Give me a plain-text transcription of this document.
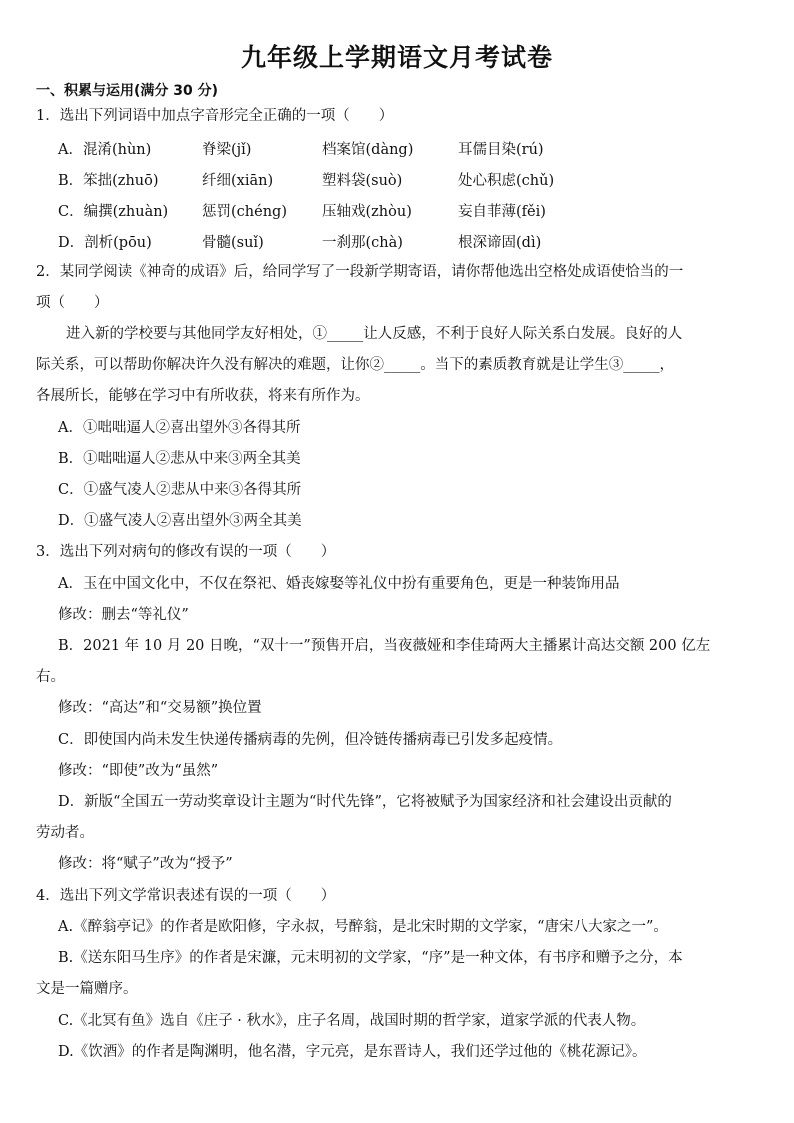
九年级上学期语文月考试卷
一、积累与运用(满分 30 分)
1．选出下列词语中加点字音形完全正确的一项（　　）
A．混淆(hùn)	脊梁(jǐ)	档案馆(dàng)	耳儒目染(rú)
B．笨拙(zhuō)	纤细(xiān)	塑料袋(suò)	处心积虑(chǔ)
C．编撰(zhuàn) 惩罚(chéng) 压轴戏(zhòu)	妄自菲薄(fěi)
D．剖析(pōu)	骨髓(suǐ)	一刹那(chà)	根深谛固(dì)
2．某同学阅读《神奇的成语》后，给同学写了一段新学期寄语，请你帮他选出空格处成语使恰当的一
项（　　）
进入新的学校要与其他同学友好相处，①_____让人反感，不利于良好人际关系白发展。良好的人
际关系，可以帮助你解决许久没有解决的难题，让你②_____。当下的素质教育就是让学生③_____，
各展所长，能够在学习中有所收获，将来有所作为。
A．①咄咄逼人②喜出望外③各得其所
B．①咄咄逼人②悲从中来③两全其美
C．①盛气凌人②悲从中来③各得其所
D．①盛气凌人②喜出望外③两全其美
3．选出下列对病句的修改有误的一项（　　）
A．玉在中国文化中，不仅在祭祀、婚丧嫁娶等礼仪中扮有重要角色，更是一种装饰用品
修改：删去“等礼仪”
B．2021 年 10 月 20 日晚，“双十一”预售开启，当夜薇娅和李佳琦两大主播累计高达交额 200 亿左
右。
修改：“高达”和“交易额”换位置
C．即使国内尚未发生快递传播病毒的先例，但冷链传播病毒已引发多起疫情。
修改：“即使”改为“虽然”
D．新版“全国五一劳动奖章设计主题为“时代先锋”，它将被赋予为国家经济和社会建设出贡献的
劳动者。
修改：将“赋子”改为“授予”
4．选出下列文学常识表述有误的一项（　　）
A.《醉翁亭记》的作者是欧阳修，字永叔，号醉翁，是北宋时期的文学家，“唐宋八大家之一”。
B.《送东阳马生序》的作者是宋濂，元末明初的文学家，“序”是一种文体，有书序和赠予之分，本
文是一篇赠序。
C.《北冥有鱼》选自《庄子 · 秋水》，庄子名周，战国时期的哲学家，道家学派的代表人物。
D.《饮酒》的作者是陶渊明，他名潜，字元亮，是东晋诗人，我们还学过他的《桃花源记》。
